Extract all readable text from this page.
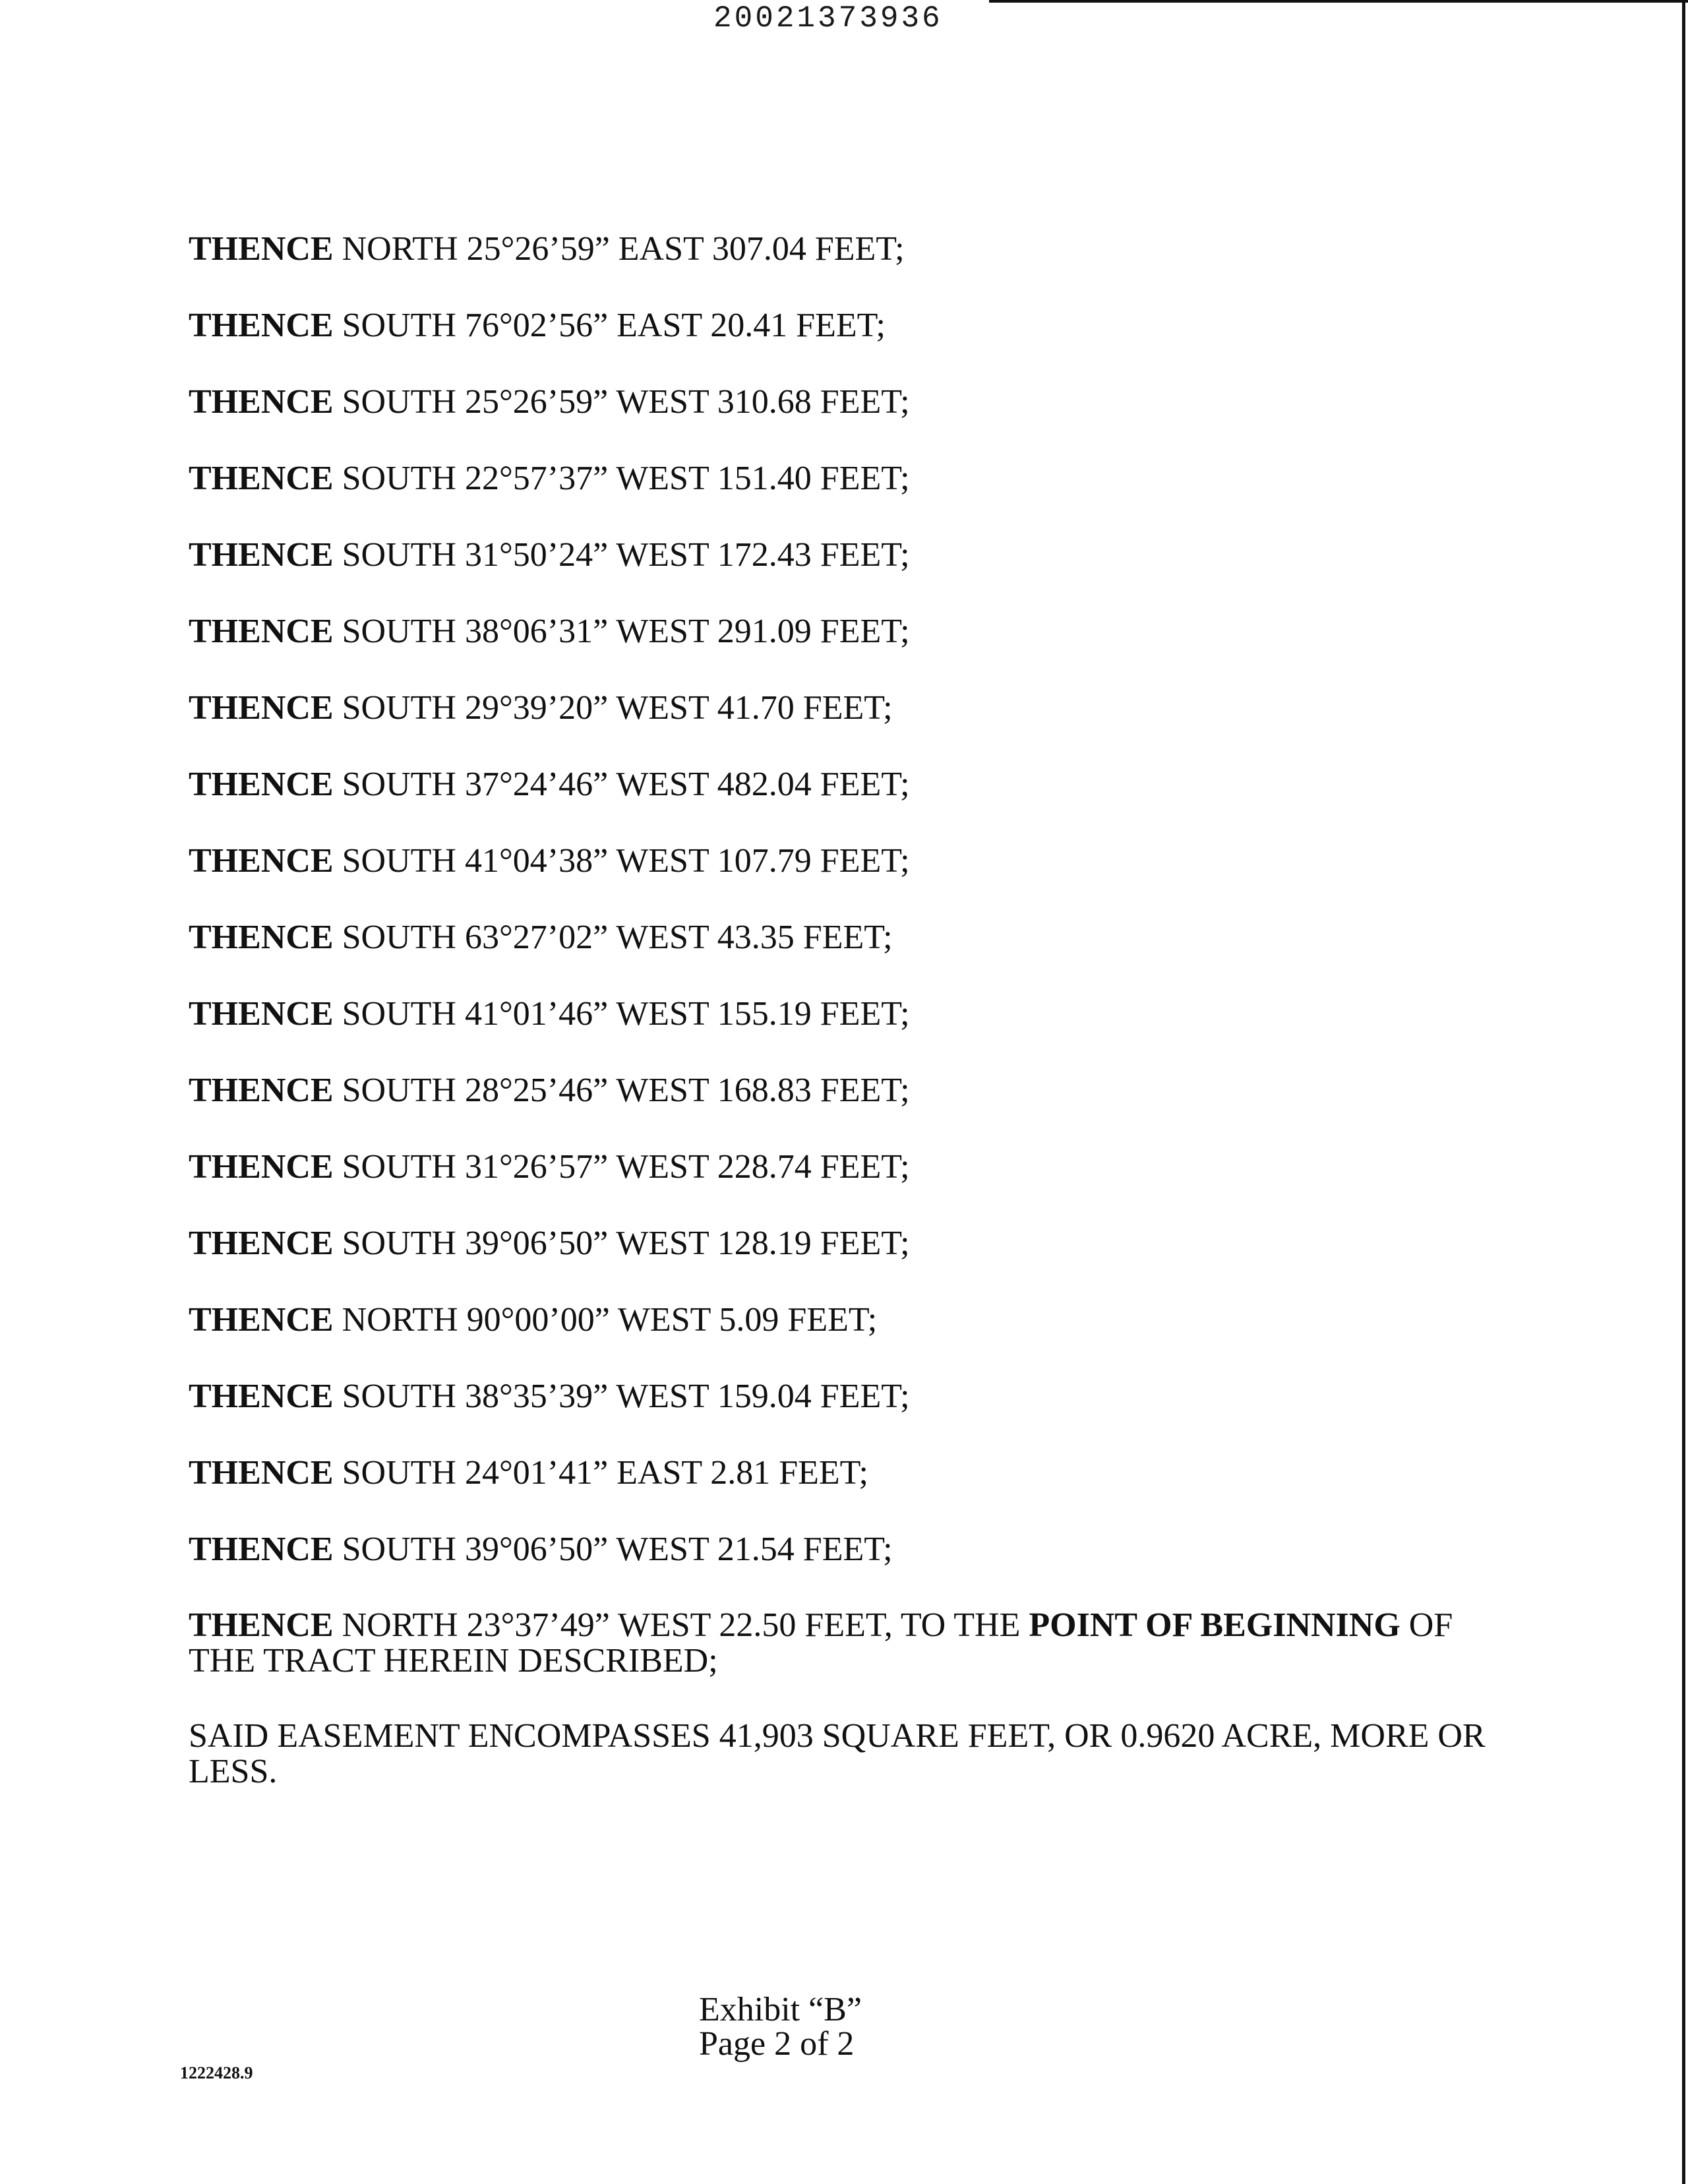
20021373936
THENCE NORTH 25°26’59” EAST 307.04 FEET;
THENCE SOUTH 76°02’56” EAST 20.41 FEET;
THENCE SOUTH 25°26’59” WEST 310.68 FEET;
THENCE SOUTH 22°57’37” WEST 151.40 FEET;
THENCE SOUTH 31°50’24” WEST 172.43 FEET;
THENCE SOUTH 38°06’31” WEST 291.09 FEET;
THENCE SOUTH 29°39’20” WEST 41.70 FEET;
THENCE SOUTH 37°24’46” WEST 482.04 FEET;
THENCE SOUTH 41°04’38” WEST 107.79 FEET;
THENCE SOUTH 63°27’02” WEST 43.35 FEET;
THENCE SOUTH 41°01’46” WEST 155.19 FEET;
THENCE SOUTH 28°25’46” WEST 168.83 FEET;
THENCE SOUTH 31°26’57” WEST 228.74 FEET;
THENCE SOUTH 39°06’50” WEST 128.19 FEET;
THENCE NORTH 90°00’00” WEST 5.09 FEET;
THENCE SOUTH 38°35’39” WEST 159.04 FEET;
THENCE SOUTH 24°01’41” EAST 2.81 FEET;
THENCE SOUTH 39°06’50” WEST 21.54 FEET;
THENCE NORTH 23°37’49” WEST 22.50 FEET, TO THE POINT OF BEGINNING OF THE TRACT HEREIN DESCRIBED;
SAID EASEMENT ENCOMPASSES 41,903 SQUARE FEET, OR 0.9620 ACRE, MORE OR LESS.
Exhibit “B”
Page 2 of 2
1222428.9
